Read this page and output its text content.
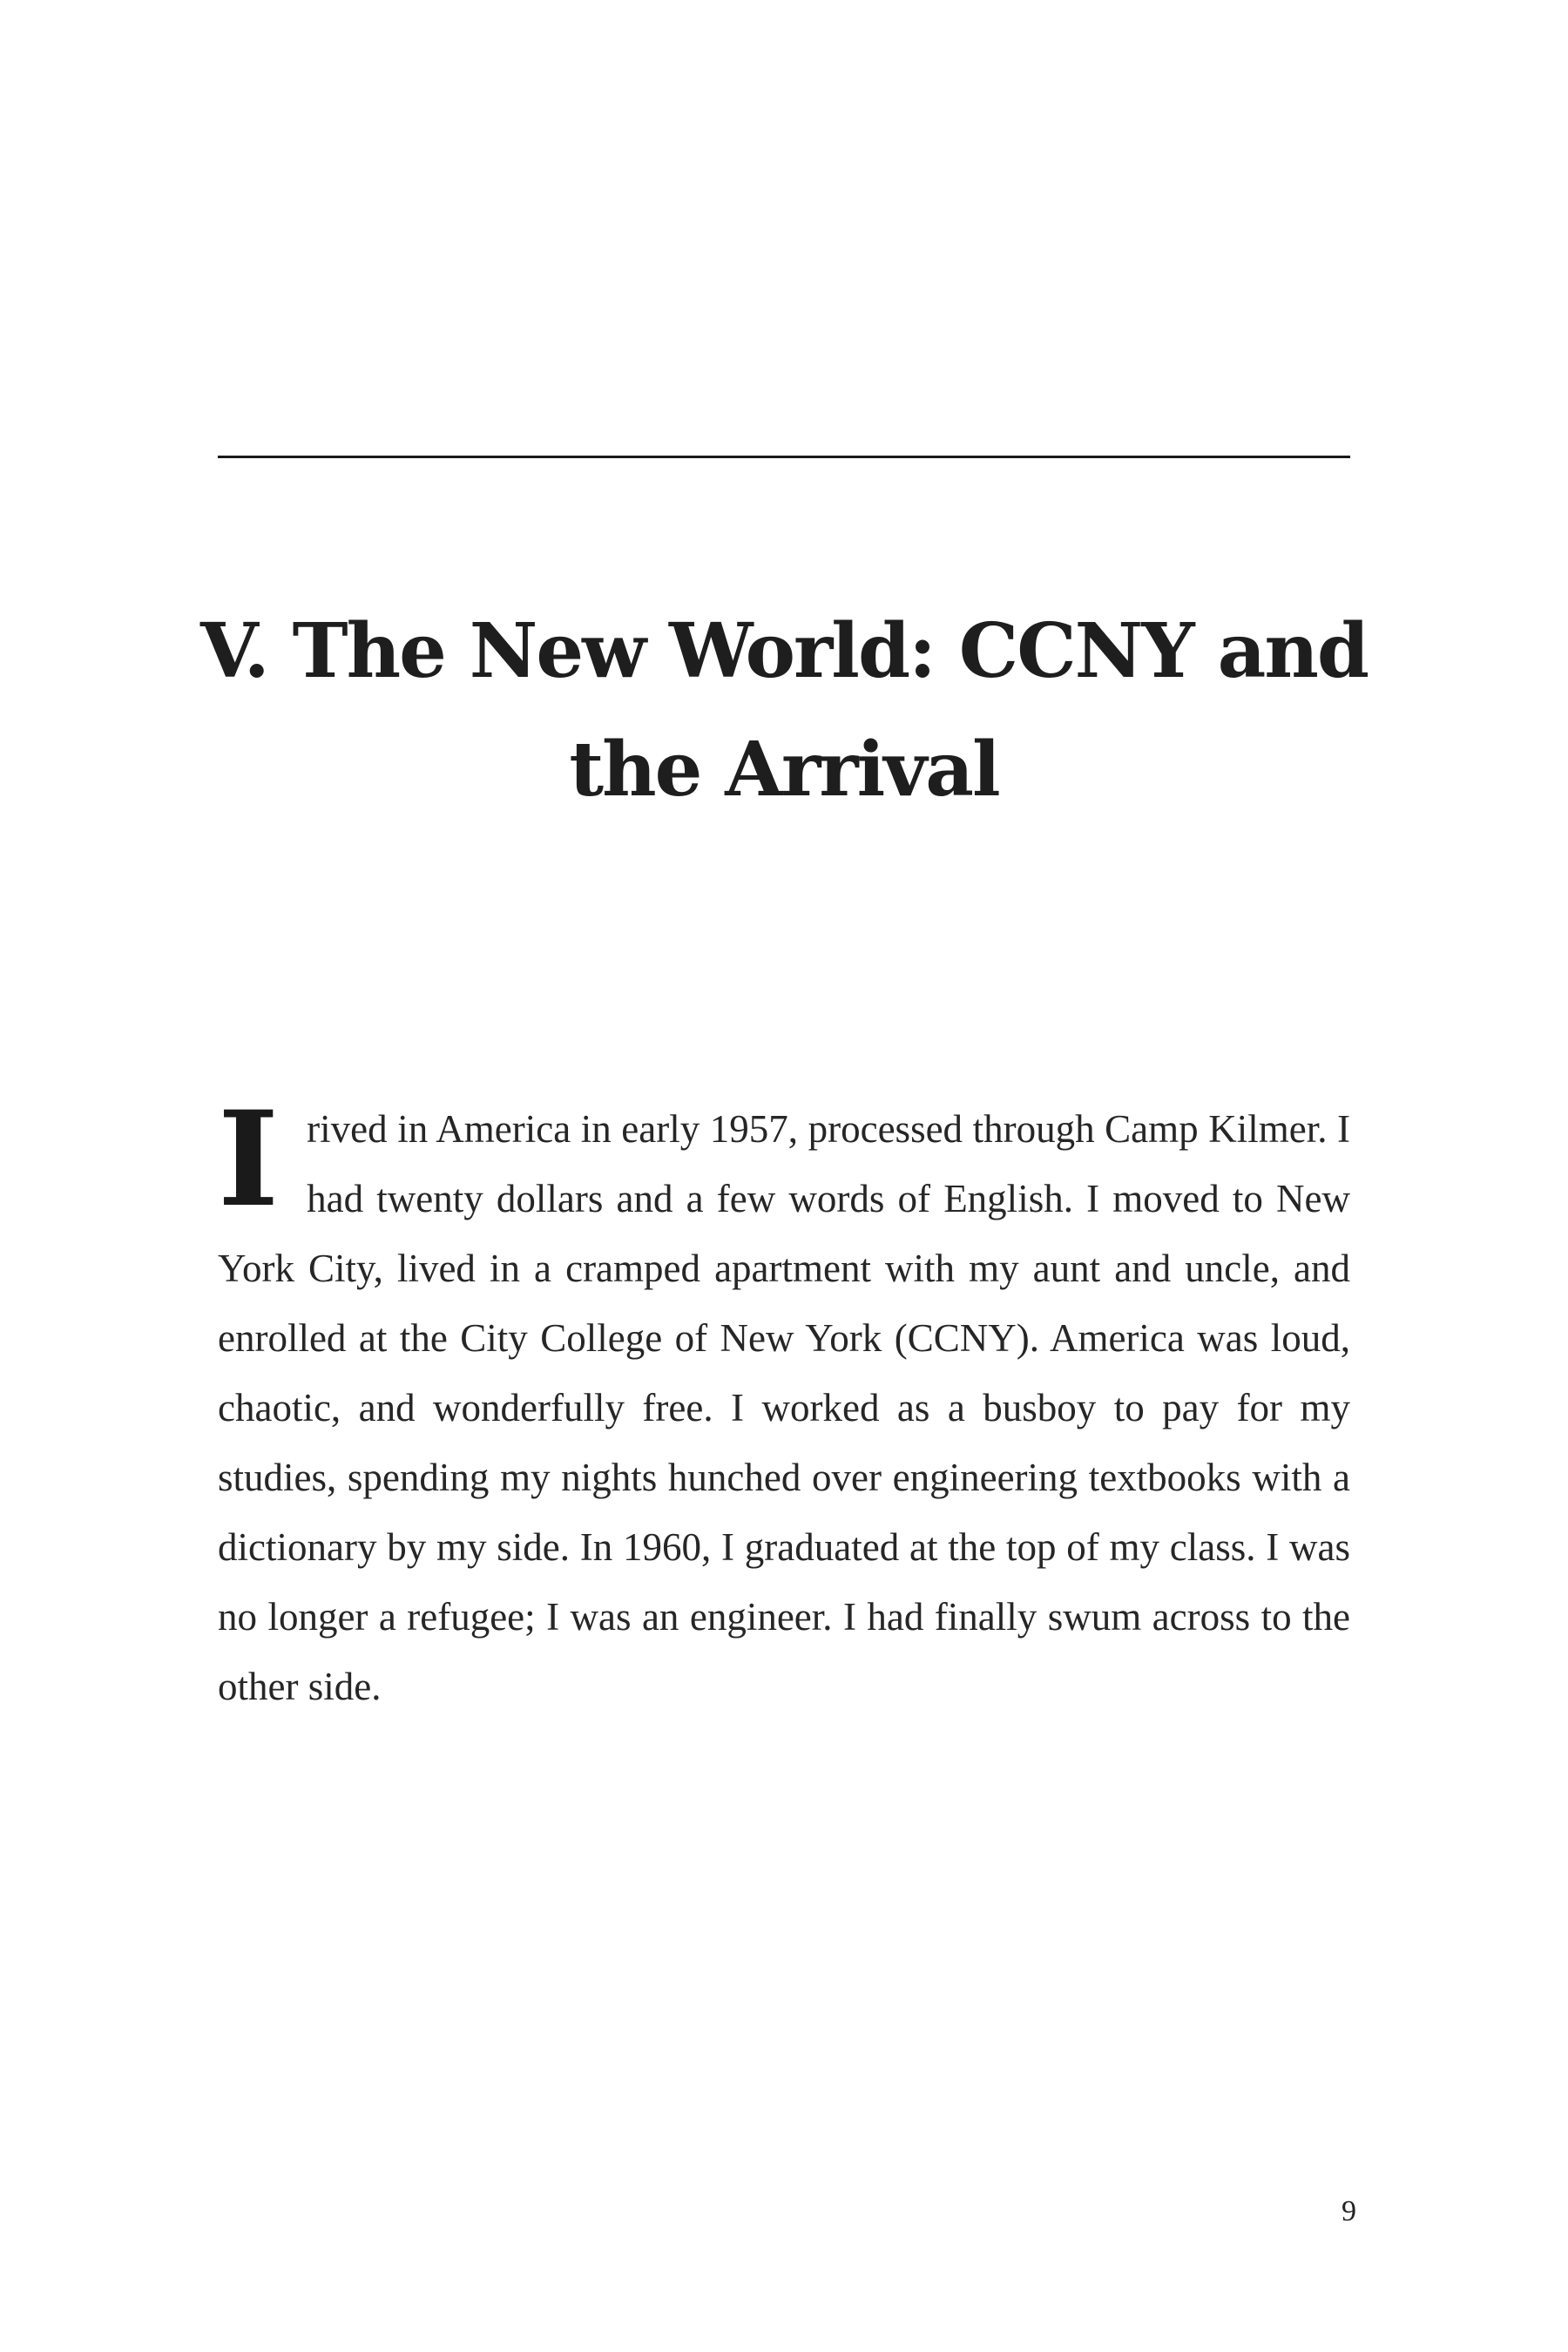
V. The New World: CCNY and the Arrival

Irived in America in early 1957, processed through Camp Kilmer. I had twenty dollars and a few words of English. I moved to New York City, lived in a cramped apartment with my aunt and uncle, and enrolled at the City College of New York (CCNY). America was loud, chaotic, and wonderfully free. I worked as a busboy to pay for my studies, spending my nights hunched over engineering textbooks with a dictionary by my side. In 1960, I graduated at the top of my class. I was no longer a refugee; I was an engineer. I had finally swum across to the other side.

9
